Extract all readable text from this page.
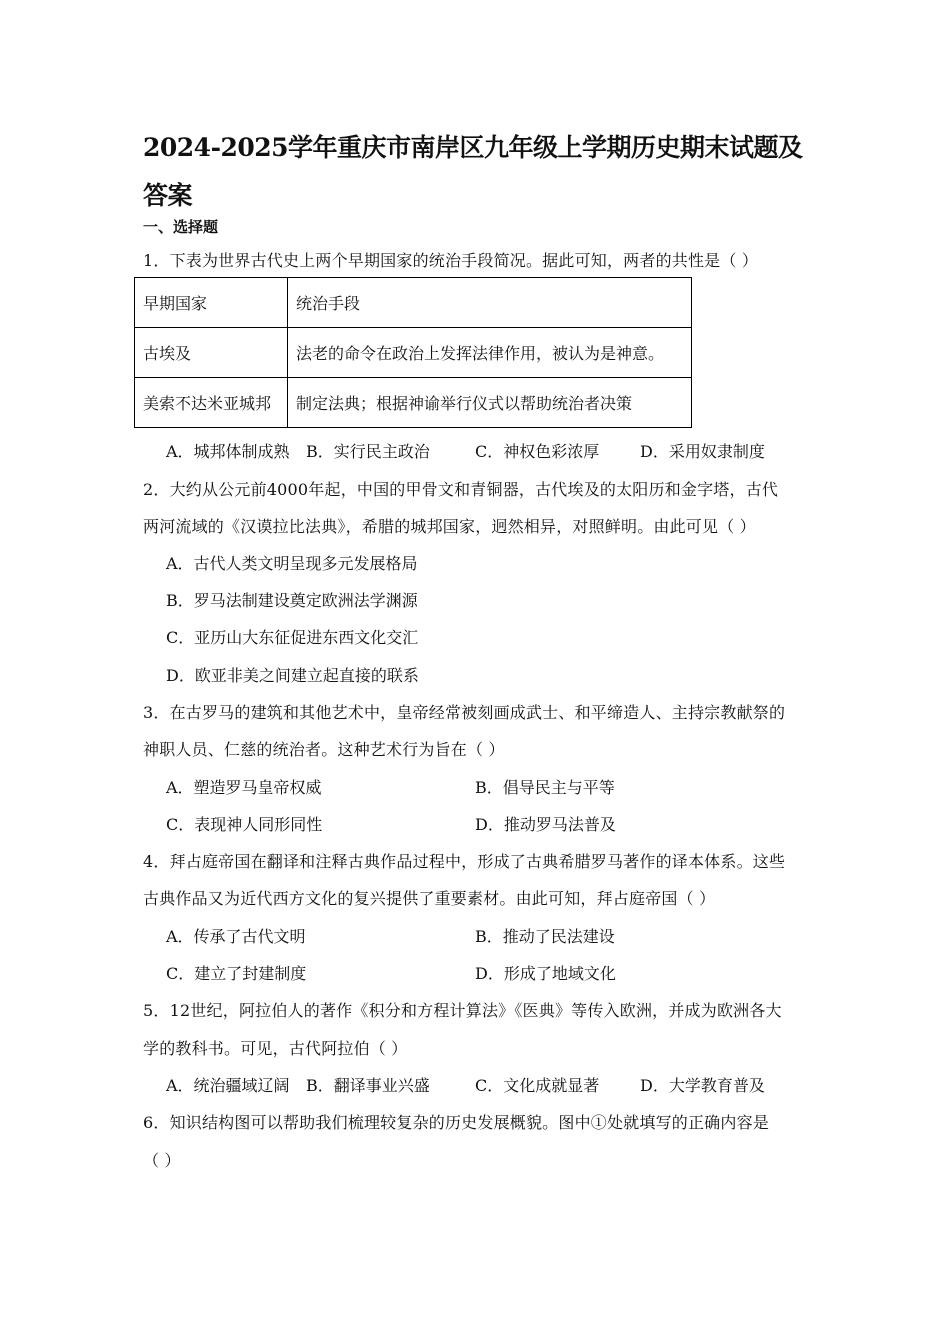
2024-2025学年重庆市南岸区九年级上学期历史期末试题及答案
一、选择题
1．下表为世界古代史上两个早期国家的统治手段简况。据此可知，两者的共性是（ ）
早期国家	统治手段
古埃及	法老的命令在政治上发挥法律作用，被认为是神意。
美索不达米亚城邦	制定法典；根据神谕举行仪式以帮助统治者决策
A．城邦体制成熟 B．实行民主政治	C．神权色彩浓厚	D．采用奴隶制度
2．大约从公元前4000年起，中国的甲骨文和青铜器，古代埃及的太阳历和金字塔，古代
两河流域的《汉谟拉比法典》，希腊的城邦国家，迥然相异，对照鲜明。由此可见（ ）
A．古代人类文明呈现多元发展格局
B．罗马法制建设奠定欧洲法学渊源
C．亚历山大东征促进东西文化交汇
D．欧亚非美之间建立起直接的联系
3．在古罗马的建筑和其他艺术中，皇帝经常被刻画成武士、和平缔造人、主持宗教献祭的
神职人员、仁慈的统治者。这种艺术行为旨在（ ）
A．塑造罗马皇帝权威	B．倡导民主与平等
C．表现神人同形同性	D．推动罗马法普及
4．拜占庭帝国在翻译和注释古典作品过程中，形成了古典希腊罗马著作的译本体系。这些
古典作品又为近代西方文化的复兴提供了重要素材。由此可知，拜占庭帝国（ ）
A．传承了古代文明	B．推动了民法建设
C．建立了封建制度	D．形成了地域文化
5．12世纪，阿拉伯人的著作《积分和方程计算法》《医典》等传入欧洲，并成为欧洲各大
学的教科书。可见，古代阿拉伯（ ）
A．统治疆域辽阔 B．翻译事业兴盛	C．文化成就显著	D．大学教育普及
6．知识结构图可以帮助我们梳理较复杂的历史发展概貌。图中①处就填写的正确内容是
（ ）
